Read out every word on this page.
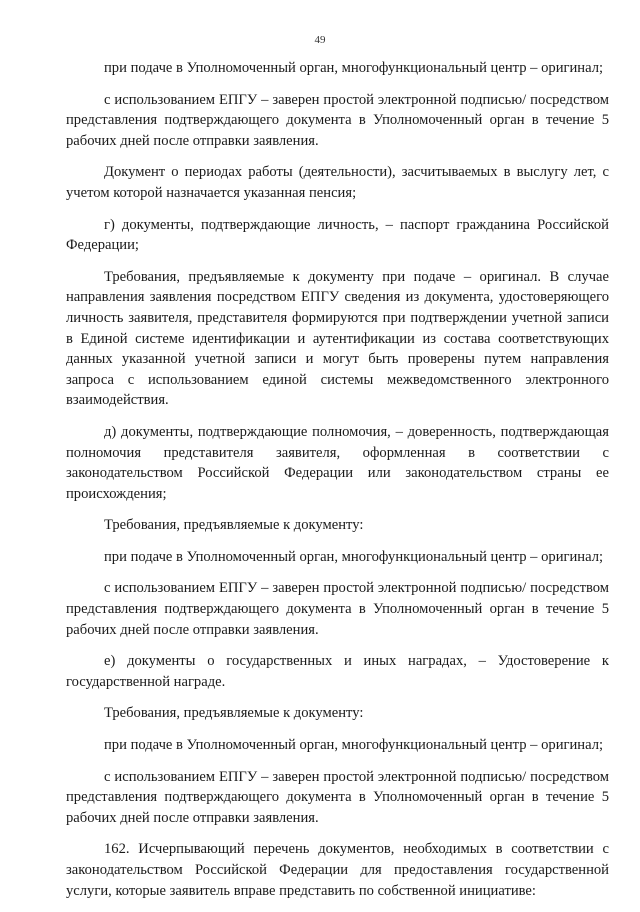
49

при подаче в Уполномоченный орган, многофункциональный центр – оригинал;

с использованием ЕПГУ – заверен простой электронной подписью/ посредством представления подтверждающего документа в Уполномоченный орган в течение 5 рабочих дней после отправки заявления.

Документ о периодах работы (деятельности), засчитываемых в выслугу лет, с учетом которой назначается указанная пенсия;

г) документы, подтверждающие личность, – паспорт гражданина Российской Федерации;

Требования, предъявляемые к документу при подаче – оригинал. В случае направления заявления посредством ЕПГУ сведения из документа, удостоверяющего личность заявителя, представителя формируются при подтверждении учетной записи в Единой системе идентификации и аутентификации из состава соответствующих данных указанной учетной записи и могут быть проверены путем направления запроса с использованием единой системы межведомственного электронного взаимодействия.

д) документы, подтверждающие полномочия, – доверенность, подтверждающая полномочия представителя заявителя, оформленная в соответствии с законодательством Российской Федерации или законодательством страны ее происхождения;

Требования, предъявляемые к документу:

при подаче в Уполномоченный орган, многофункциональный центр – оригинал;

с использованием ЕПГУ – заверен простой электронной подписью/ посредством представления подтверждающего документа в Уполномоченный орган в течение 5 рабочих дней после отправки заявления.

е) документы о государственных и иных наградах, – Удостоверение к государственной награде.

Требования, предъявляемые к документу:

при подаче в Уполномоченный орган, многофункциональный центр – оригинал;

с использованием ЕПГУ – заверен простой электронной подписью/ посредством представления подтверждающего документа в Уполномоченный орган в течение 5 рабочих дней после отправки заявления.

162. Исчерпывающий перечень документов, необходимых в соответствии с законодательством Российской Федерации для предоставления государственной услуги, которые заявитель вправе представить по собственной инициативе:
